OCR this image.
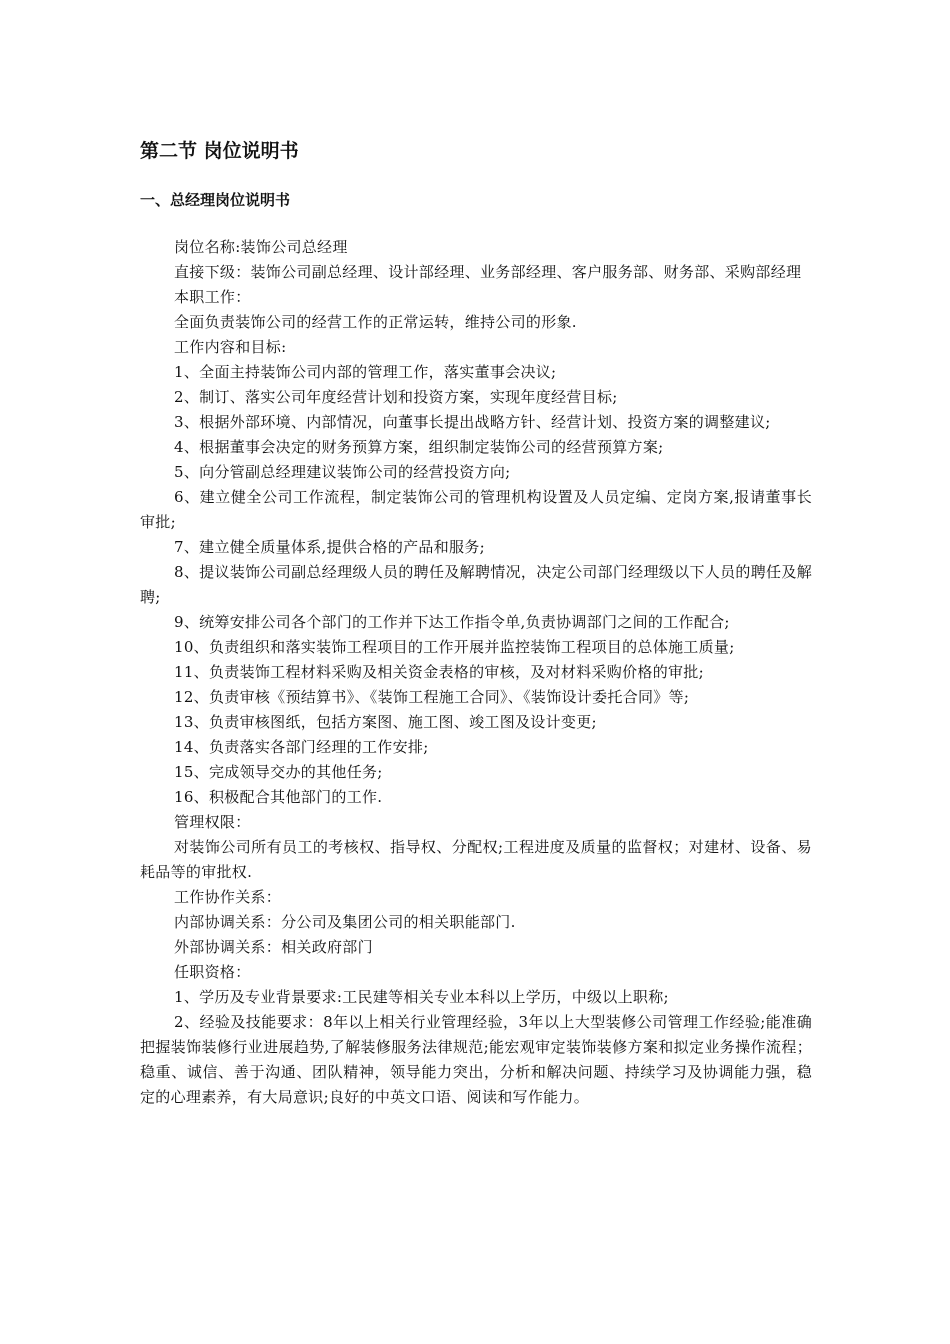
第二节 岗位说明书
一、总经理岗位说明书

岗位名称:装饰公司总经理

直接下级：装饰公司副总经理、设计部经理、业务部经理、客户服务部、财务部、采购部经理

本职工作：

全面负责装饰公司的经营工作的正常运转，维持公司的形象.

工作内容和目标:

1、全面主持装饰公司内部的管理工作，落实董事会决议;

2、制订、落实公司年度经营计划和投资方案，实现年度经营目标;

3、根据外部环境、内部情况，向董事长提出战略方针、经营计划、投资方案的调整建议;

4、根据董事会决定的财务预算方案，组织制定装饰公司的经营预算方案;

5、向分管副总经理建议装饰公司的经营投资方向;

6、建立健全公司工作流程，制定装饰公司的管理机构设置及人员定编、定岗方案,报请董事长审批;

7、建立健全质量体系,提供合格的产品和服务;

8、提议装饰公司副总经理级人员的聘任及解聘情况，决定公司部门经理级以下人员的聘任及解聘;

9、统筹安排公司各个部门的工作并下达工作指令单,负责协调部门之间的工作配合;

10、负责组织和落实装饰工程项目的工作开展并监控装饰工程项目的总体施工质量;

11、负责装饰工程材料采购及相关资金表格的审核，及对材料采购价格的审批;

12、负责审核《预结算书》、《装饰工程施工合同》、《装饰设计委托合同》等;

13、负责审核图纸，包括方案图、施工图、竣工图及设计变更;

14、负责落实各部门经理的工作安排;

15、完成领导交办的其他任务;

16、积极配合其他部门的工作.

管理权限：

对装饰公司所有员工的考核权、指导权、分配权;工程进度及质量的监督权；对建材、设备、易耗品等的审批权.

工作协作关系：

内部协调关系：分公司及集团公司的相关职能部门.

外部协调关系：相关政府部门

任职资格：

1、学历及专业背景要求:工民建等相关专业本科以上学历，中级以上职称;

2、经验及技能要求：8年以上相关行业管理经验，3年以上大型装修公司管理工作经验;能准确把握装饰装修行业进展趋势,了解装修服务法律规范;能宏观审定装饰装修方案和拟定业务操作流程；稳重、诚信、善于沟通、团队精神，领导能力突出，分析和解决问题、持续学习及协调能力强，稳定的心理素养，有大局意识;良好的中英文口语、阅读和写作能力。
